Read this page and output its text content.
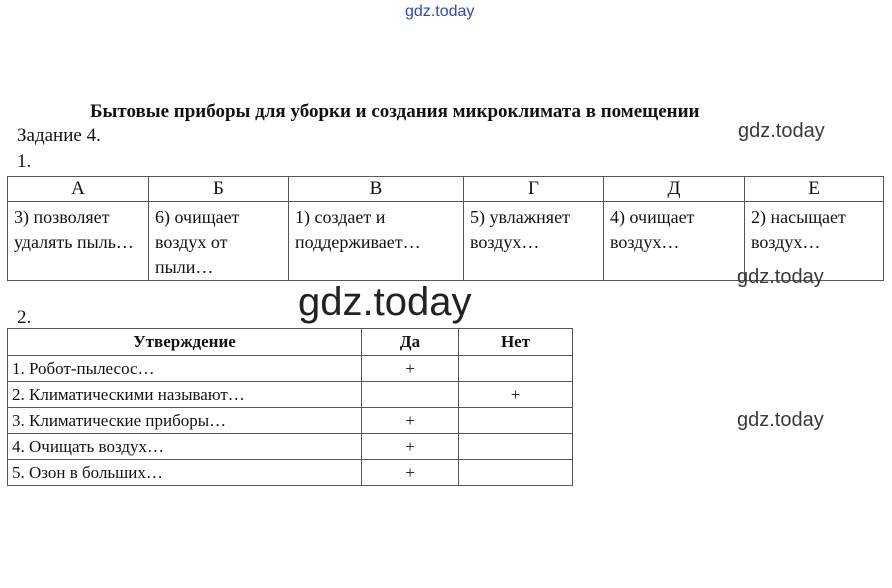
gdz.today
Бытовые приборы для уборки и создания микроклимата в помещении
gdz.today
Задание 4.
1.
А	Б	В	Г	Д	Е
3) позволяет удалять пыль…	6) очищает воздух от пыли…	1) создает и поддерживает…	5) увлажняет воздух…	4) очищает воздух…	2) насыщает воздух…
gdz.today
gdz.today
2.
Утверждение	Да	Нет
1. Робот-пылесос…	+	
2. Климатическими называют…		+
3. Климатические приборы…	+	
4. Очищать воздух…	+	
5. Озон в больших…	+	
gdz.today
